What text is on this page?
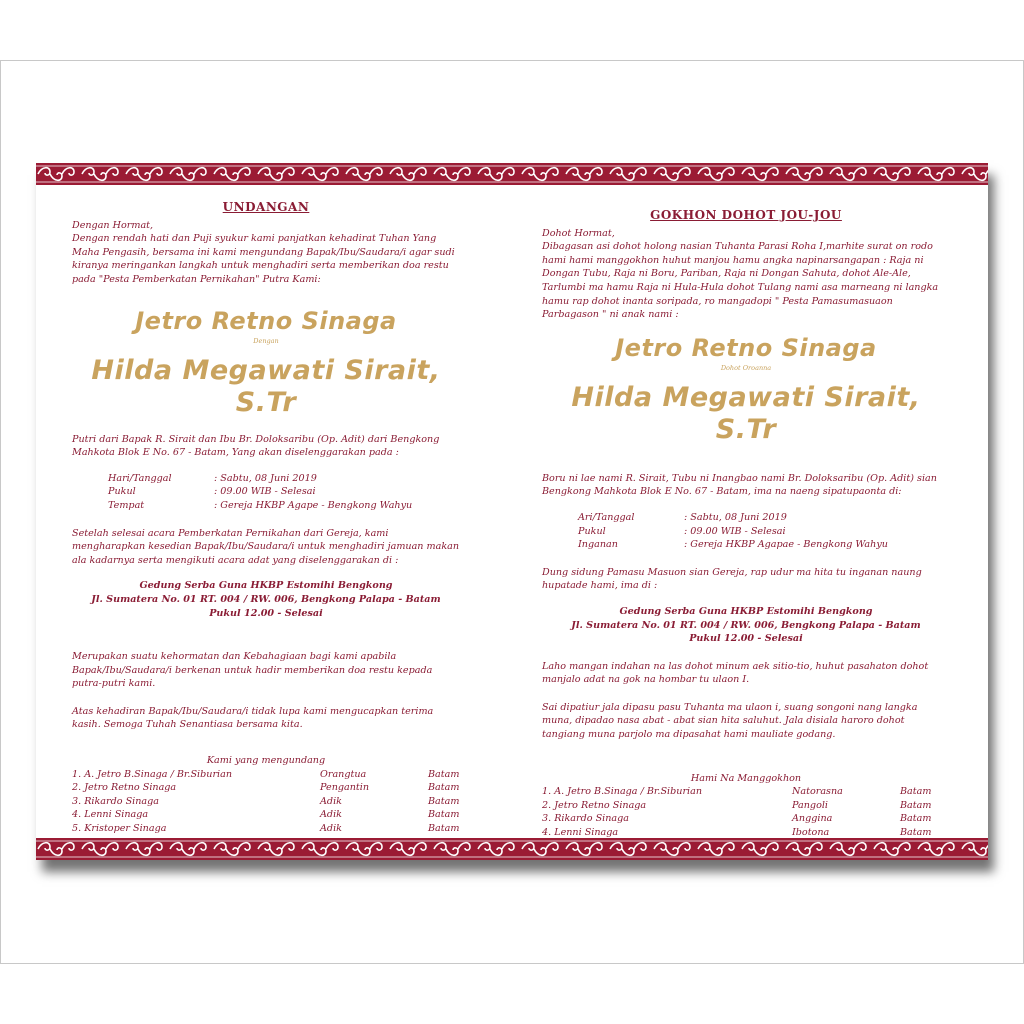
UNDANGAN

Dengan Hormat,

Dengan rendah hati dan Puji syukur kami panjatkan kehadirat Tuhan Yang Maha Pengasih, bersama ini kami mengundang Bapak/Ibu/Saudara/i agar sudi kiranya meringankan langkah untuk menghadiri serta memberikan doa restu pada "Pesta Pemberkatan Pernikahan" Putra Kami:

Jetro Retno Sinaga

Dengan

Hilda Megawati Sirait, S.Tr

Putri dari Bapak R. Sirait dan Ibu Br. Doloksaribu (Op. Adit) dari Bengkong Mahkota Blok E No. 67 - Batam, Yang akan diselenggarakan pada :

Hari/Tanggal	: Sabtu, 08 Juni 2019
Pukul	: 09.00 WIB - Selesai
Tempat	: Gereja HKBP Agape - Bengkong Wahyu

Setelah selesai acara Pemberkatan Pernikahan dari Gereja, kami mengharapkan kesedian Bapak/Ibu/Saudara/i untuk menghadiri jamuan makan ala kadarnya serta mengikuti acara adat yang diselenggarakan di :

Gedung Serba Guna HKBP Estomihi Bengkong

Jl. Sumatera No. 01 RT. 004 / RW. 006, Bengkong Palapa - Batam

Pukul 12.00 - Selesai

Merupakan suatu kehormatan dan Kebahagiaan bagi kami apabila Bapak/Ibu/Saudara/i berkenan untuk hadir memberikan doa restu kepada putra-putri kami.

Atas kehadiran Bapak/Ibu/Saudara/i tidak lupa kami mengucapkan terima kasih. Semoga Tuhah Senantiasa bersama kita.

Kami yang mengundang

1. A. Jetro B.Sinaga / Br.Siburian	Orangtua	Batam
2. Jetro Retno Sinaga	Pengantin	Batam
3. Rikardo Sinaga	Adik	Batam
4. Lenni Sinaga	Adik	Batam
5. Kristoper Sinaga	Adik	Batam

GOKHON DOHOT JOU-JOU

Dohot Hormat,

Dibagasan asi dohot holong nasian Tuhanta Parasi Roha I,marhite surat on rodo hami hami manggokhon huhut manjou hamu angka napinarsangapan : Raja ni Dongan Tubu, Raja ni Boru, Pariban, Raja ni Dongan Sahuta, dohot Ale-Ale, Tarlumbi ma hamu Raja ni Hula-Hula dohot Tulang nami asa marneang ni langka hamu rap dohot inanta soripada, ro mangadopi " Pesta Pamasumasuaon Parbagason " ni anak nami :

Jetro Retno Sinaga

Dohot Oroanna

Hilda Megawati Sirait, S.Tr

Boru ni lae nami R. Sirait, Tubu ni Inangbao nami Br. Doloksaribu (Op. Adit) sian Bengkong Mahkota Blok E No. 67 - Batam, ima na naeng sipatupaonta di:

Ari/Tanggal	: Sabtu, 08 Juni 2019
Pukul	: 09.00 WIB - Selesai
Inganan	: Gereja HKBP Agapae - Bengkong Wahyu

Dung sidung Pamasu Masuon sian Gereja, rap udur ma hita tu inganan naung hupatade hami, ima di :

Gedung Serba Guna HKBP Estomihi Bengkong

Jl. Sumatera No. 01 RT. 004 / RW. 006, Bengkong Palapa - Batam

Pukul 12.00 - Selesai

Laho mangan indahan na las dohot minum aek sitio-tio, huhut pasahaton dohot manjalo adat na gok na hombar tu ulaon I.

Sai dipatiur jala dipasu pasu Tuhanta ma ulaon i, suang songoni nang langka muna, dipadao nasa abat - abat sian hita saluhut. Jala disiala haroro dohot tangiang muna parjolo ma dipasahat hami mauliate godang.

Hami Na Manggokhon

1. A. Jetro B.Sinaga / Br.Siburian	Natorasna	Batam
2. Jetro Retno Sinaga	Pangoli	Batam
3. Rikardo Sinaga	Anggina	Batam
4. Lenni Sinaga	Ibotona	Batam
